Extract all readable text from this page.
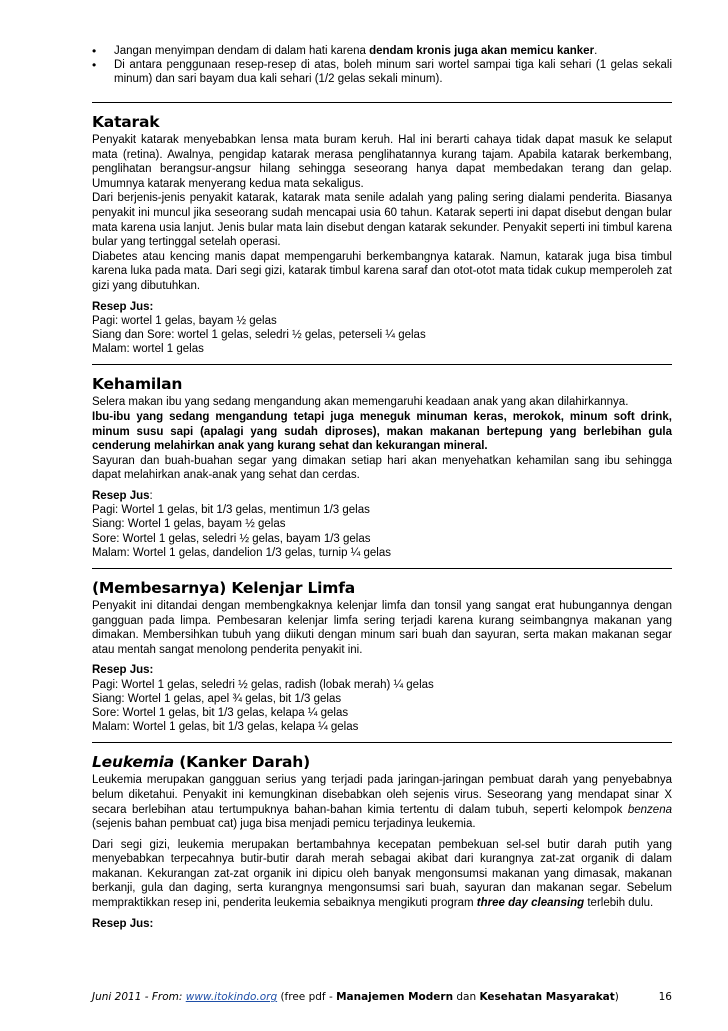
•	Jangan menyimpan dendam di dalam hati karena dendam kronis juga akan memicu kanker.
•	Di antara penggunaan resep-resep di atas, boleh minum sari wortel sampai tiga kali sehari (1 gelas sekali minum) dan sari bayam dua kali sehari (1/2 gelas sekali minum).
Katarak

Penyakit katarak menyebabkan lensa mata buram keruh. Hal ini berarti cahaya tidak dapat masuk ke selaput mata (retina). Awalnya, pengidap katarak merasa penglihatannya kurang tajam. Apabila katarak berkembang, penglihatan berangsur-angsur hilang sehingga seseorang hanya dapat membedakan terang dan gelap. Umumnya katarak menyerang kedua mata sekaligus.

Dari berjenis-jenis penyakit katarak, katarak mata senile adalah yang paling sering dialami penderita. Biasanya penyakit ini muncul jika seseorang sudah mencapai usia 60 tahun. Katarak seperti ini dapat disebut dengan bular mata karena usia lanjut. Jenis bular mata lain disebut dengan katarak sekunder. Penyakit seperti ini timbul karena bular yang tertinggal setelah operasi.

Diabetes atau kencing manis dapat mempengaruhi berkembangnya katarak. Namun, katarak juga bisa timbul karena luka pada mata. Dari segi gizi, katarak timbul karena saraf dan otot-otot mata tidak cukup memperoleh zat gizi yang dibutuhkan.

Resep Jus:
Pagi: wortel 1 gelas, bayam ½ gelas
Siang dan Sore: wortel 1 gelas, seledri ½ gelas, peterseli ¼ gelas
Malam: wortel 1 gelas
Kehamilan

Selera makan ibu yang sedang mengandung akan memengaruhi keadaan anak yang akan dilahirkannya.

Ibu-ibu yang sedang mengandung tetapi juga meneguk minuman keras, merokok, minum soft drink, minum susu sapi (apalagi yang sudah diproses), makan makanan bertepung yang berlebihan gula cenderung melahirkan anak yang kurang sehat dan kekurangan mineral.

Sayuran dan buah-buahan segar yang dimakan setiap hari akan menyehatkan kehamilan sang ibu sehingga dapat melahirkan anak-anak yang sehat dan cerdas.

Resep Jus:
Pagi: Wortel 1 gelas, bit 1/3 gelas, mentimun 1/3 gelas
Siang: Wortel 1 gelas, bayam ½ gelas
Sore: Wortel 1 gelas, seledri ½ gelas, bayam 1/3 gelas
Malam: Wortel 1 gelas, dandelion 1/3 gelas, turnip ¼ gelas
(Membesarnya) Kelenjar Limfa

Penyakit ini ditandai dengan membengkaknya kelenjar limfa dan tonsil yang sangat erat hubungannya dengan gangguan pada limpa. Pembesaran kelenjar limfa sering terjadi karena kurang seimbangnya makanan yang dimakan. Membersihkan tubuh yang diikuti dengan minum sari buah dan sayuran, serta makan makanan segar atau mentah sangat menolong penderita penyakit ini.

Resep Jus:
Pagi: Wortel 1 gelas, seledri ½ gelas, radish (lobak merah) ¼ gelas
Siang: Wortel 1 gelas, apel ¾ gelas, bit 1/3 gelas
Sore: Wortel 1 gelas, bit 1/3 gelas, kelapa ¼ gelas
Malam: Wortel 1 gelas, bit 1/3 gelas, kelapa ¼ gelas
Leukemia (Kanker Darah)

Leukemia merupakan gangguan serius yang terjadi pada jaringan-jaringan pembuat darah yang penyebabnya belum diketahui. Penyakit ini kemungkinan disebabkan oleh sejenis virus. Seseorang yang mendapat sinar X secara berlebihan atau tertumpuknya bahan-bahan kimia tertentu di dalam tubuh, seperti kelompok benzena (sejenis bahan pembuat cat) juga bisa menjadi pemicu terjadinya leukemia.

Dari segi gizi, leukemia merupakan bertambahnya kecepatan pembekuan sel-sel butir darah putih yang menyebabkan terpecahnya butir-butir darah merah sebagai akibat dari kurangnya zat-zat organik di dalam makanan. Kekurangan zat-zat organik ini dipicu oleh banyak mengonsumsi makanan yang dimasak, makanan berkanji, gula dan daging, serta kurangnya mengonsumsi sari buah, sayuran dan makanan segar. Sebelum mempraktikkan resep ini, penderita leukemia sebaiknya mengikuti program three day cleansing terlebih dulu.

Resep Jus:
Juni 2011 - From: www.itokindo.org (free pdf - Manajemen Modern dan Kesehatan Masyarakat)	16
